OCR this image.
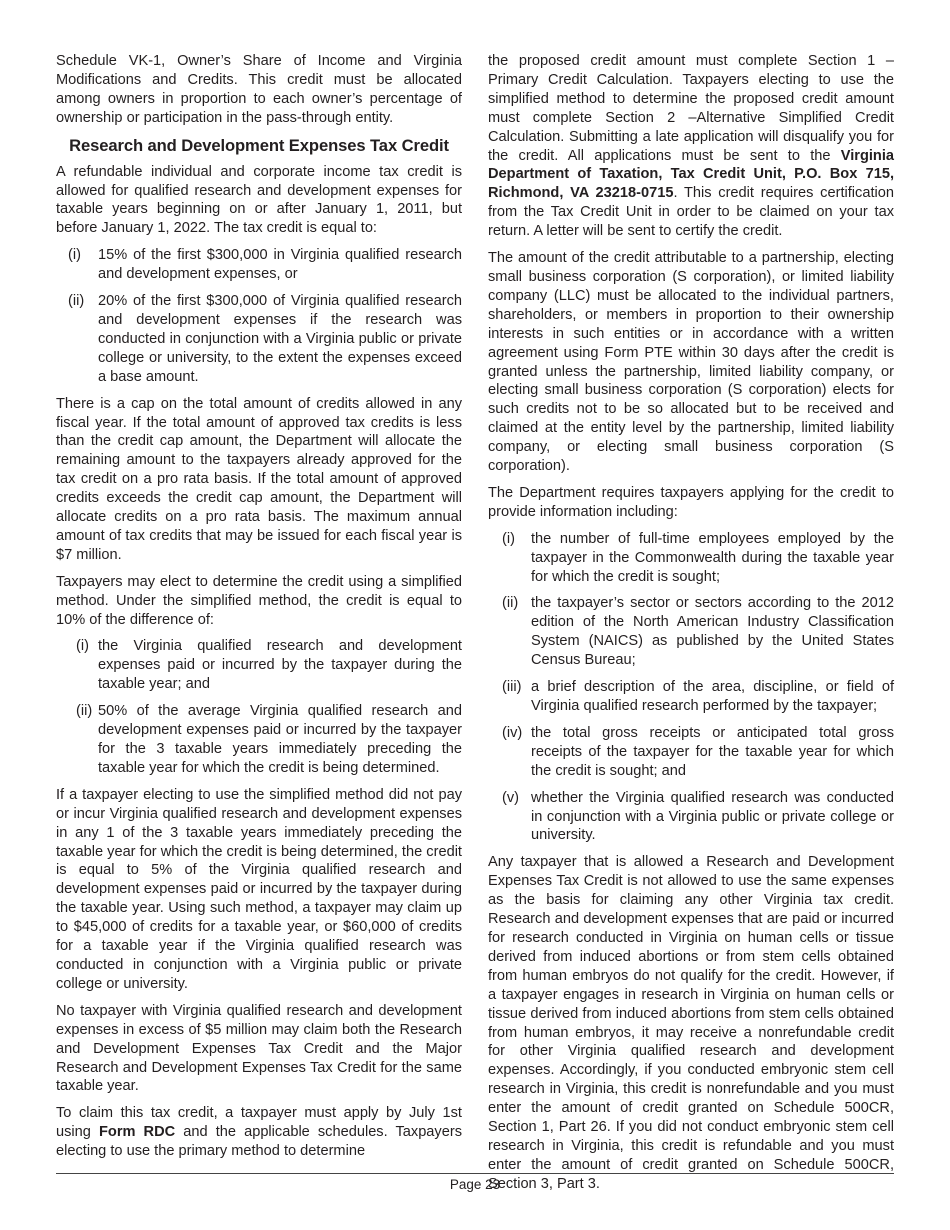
Schedule VK-1, Owner’s Share of Income and Virginia Modifications and Credits. This credit must be allocated among owners in proportion to each owner’s percentage of ownership or participation in the pass-through entity.

Research and Development Expenses Tax Credit

A refundable individual and corporate income tax credit is allowed for qualified research and development expenses for taxable years beginning on or after January 1, 2011, but before January 1, 2022. The tax credit is equal to:

(i) 15% of the first $300,000 in Virginia qualified research and development expenses, or
(ii) 20% of the first $300,000 of Virginia qualified research and development expenses if the research was conducted in conjunction with a Virginia public or private college or university, to the extent the expenses exceed a base amount.

There is a cap on the total amount of credits allowed in any fiscal year. If the total amount of approved tax credits is less than the credit cap amount, the Department will allocate the remaining amount to the taxpayers already approved for the tax credit on a pro rata basis. If the total amount of approved credits exceeds the credit cap amount, the Department will allocate credits on a pro rata basis. The maximum annual amount of tax credits that may be issued for each fiscal year is $7 million.

Taxpayers may elect to determine the credit using a simplified method. Under the simplified method, the credit is equal to 10% of the difference of:

(i) the Virginia qualified research and development expenses paid or incurred by the taxpayer during the taxable year; and
(ii) 50% of the average Virginia qualified research and development expenses paid or incurred by the taxpayer for the 3 taxable years immediately preceding the taxable year for which the credit is being determined.

If a taxpayer electing to use the simplified method did not pay or incur Virginia qualified research and development expenses in any 1 of the 3 taxable years immediately preceding the taxable year for which the credit is being determined, the credit is equal to 5% of the Virginia qualified research and development expenses paid or incurred by the taxpayer during the taxable year. Using such method, a taxpayer may claim up to $45,000 of credits for a taxable year, or $60,000 of credits for a taxable year if the Virginia qualified research was conducted in conjunction with a Virginia public or private college or university.

No taxpayer with Virginia qualified research and development expenses in excess of $5 million may claim both the Research and Development Expenses Tax Credit and the Major Research and Development Expenses Tax Credit for the same taxable year.

To claim this tax credit, a taxpayer must apply by July 1st using Form RDC and the applicable schedules. Taxpayers electing to use the primary method to determine

the proposed credit amount must complete Section 1 – Primary Credit Calculation. Taxpayers electing to use the simplified method to determine the proposed credit amount must complete Section 2 –Alternative Simplified Credit Calculation. Submitting a late application will disqualify you for the credit. All applications must be sent to the Virginia Department of Taxation, Tax Credit Unit, P.O. Box 715, Richmond, VA 23218-0715. This credit requires certification from the Tax Credit Unit in order to be claimed on your tax return. A letter will be sent to certify the credit.

The amount of the credit attributable to a partnership, electing small business corporation (S corporation), or limited liability company (LLC) must be allocated to the individual partners, shareholders, or members in proportion to their ownership interests in such entities or in accordance with a written agreement using Form PTE within 30 days after the credit is granted unless the partnership, limited liability company, or electing small business corporation (S corporation) elects for such credits not to be so allocated but to be received and claimed at the entity level by the partnership, limited liability company, or electing small business corporation (S corporation).

The Department requires taxpayers applying for the credit to provide information including:

(i) the number of full-time employees employed by the taxpayer in the Commonwealth during the taxable year for which the credit is sought;
(ii) the taxpayer’s sector or sectors according to the 2012 edition of the North American Industry Classification System (NAICS) as published by the United States Census Bureau;
(iii) a brief description of the area, discipline, or field of Virginia qualified research performed by the taxpayer;
(iv) the total gross receipts or anticipated total gross receipts of the taxpayer for the taxable year for which the credit is sought; and
(v) whether the Virginia qualified research was conducted in conjunction with a Virginia public or private college or university.

Any taxpayer that is allowed a Research and Development Expenses Tax Credit is not allowed to use the same expenses as the basis for claiming any other Virginia tax credit. Research and development expenses that are paid or incurred for research conducted in Virginia on human cells or tissue derived from induced abortions or from stem cells obtained from human embryos do not qualify for the credit. However, if a taxpayer engages in research in Virginia on human cells or tissue derived from induced abortions from stem cells obtained from human embryos, it may receive a nonrefundable credit for other Virginia qualified research and development expenses. Accordingly, if you conducted embryonic stem cell research in Virginia, this credit is nonrefundable and you must enter the amount of credit granted on Schedule 500CR, Section 1, Part 26. If you did not conduct embryonic stem cell research in Virginia, this credit is refundable and you must enter the amount of credit granted on Schedule 500CR, Section 3, Part 3.

Page 23
